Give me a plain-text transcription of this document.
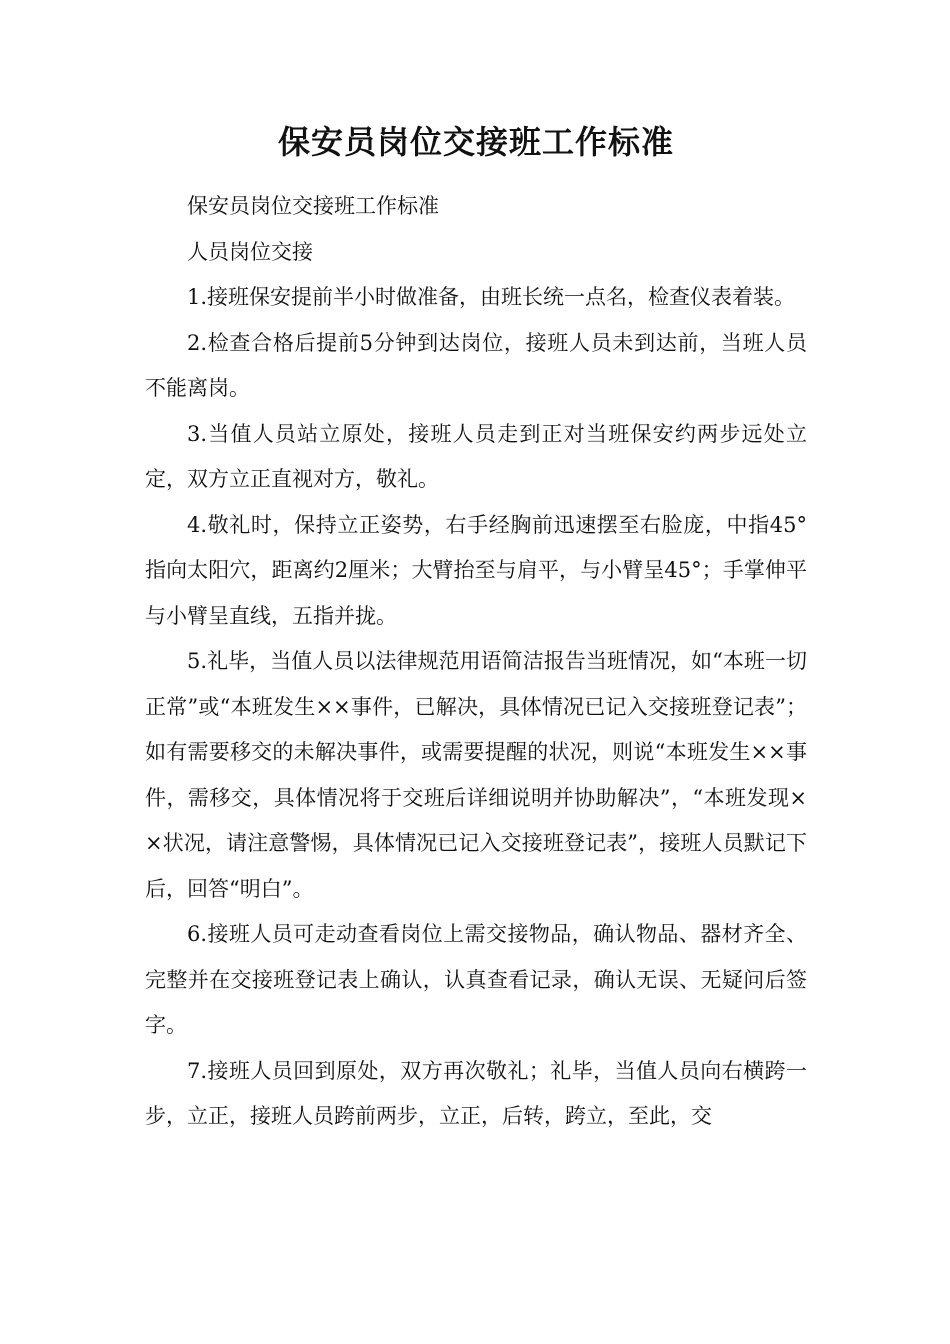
保安员岗位交接班工作标准

保安员岗位交接班工作标准

人员岗位交接

1.接班保安提前半小时做准备，由班长统一点名，检查仪表着装。

2.检查合格后提前5分钟到达岗位，接班人员未到达前，当班人员不能离岗。

3.当值人员站立原处，接班人员走到正对当班保安约两步远处立定，双方立正直视对方，敬礼。

4.敬礼时，保持立正姿势，右手经胸前迅速摆至右脸庞，中指45°指向太阳穴，距离约2厘米；大臂抬至与肩平，与小臂呈45°；手掌伸平与小臂呈直线，五指并拢。

5.礼毕，当值人员以法律规范用语简洁报告当班情况，如“本班一切正常”或“本班发生××事件，已解决，具体情况已记入交接班登记表”；如有需要移交的未解决事件，或需要提醒的状况，则说“本班发生××事件，需移交，具体情况将于交班后详细说明并协助解决”，“本班发现××状况，请注意警惕，具体情况已记入交接班登记表”，接班人员默记下后，回答“明白”。

6.接班人员可走动查看岗位上需交接物品，确认物品、器材齐全、完整并在交接班登记表上确认，认真查看记录，确认无误、无疑问后签字。

7.接班人员回到原处，双方再次敬礼；礼毕，当值人员向右横跨一步，立正，接班人员跨前两步，立正，后转，跨立，至此，交
